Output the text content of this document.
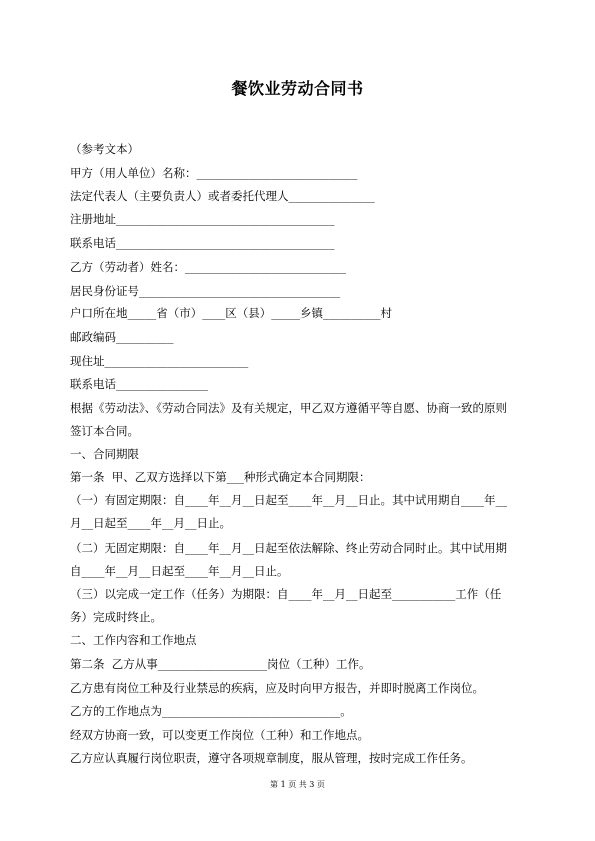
餐饮业劳动合同书
（参考文本）
甲方（用人单位）名称：____________________________
法定代表人（主要负责人）或者委托代理人_______________
注册地址______________________________________
联系电话______________________________________
乙方（劳动者）姓名：____________________________
居民身份证号___________________________________
户口所在地_____省（市）____区（县）_____乡镇__________村
邮政编码__________
现住址_________________________
联系电话________________
根据《劳动法》、《劳动合同法》及有关规定，甲乙双方遵循平等自愿、协商一致的原则
签订本合同。
一、合同期限
第一条  甲、乙双方选择以下第___种形式确定本合同期限：
（一）有固定期限：自____年__月__日起至____年__月__日止。其中试用期自____年__
月__日起至____年__月__日止。
（二）无固定期限：自____年__月__日起至依法解除、终止劳动合同时止。其中试用期
自____年__月__日起至____年__月__日止。
（三）以完成一定工作（任务）为期限：自____年__月__日起至___________工作（任
务）完成时终止。
二、工作内容和工作地点
第二条  乙方从事___________________岗位（工种）工作。
乙方患有岗位工种及行业禁忌的疾病，应及时向甲方报告，并即时脱离工作岗位。
乙方的工作地点为_______________________________。
经双方协商一致，可以变更工作岗位（工种）和工作地点。
乙方应认真履行岗位职责，遵守各项规章制度，服从管理，按时完成工作任务。
第 1 页 共 3 页
